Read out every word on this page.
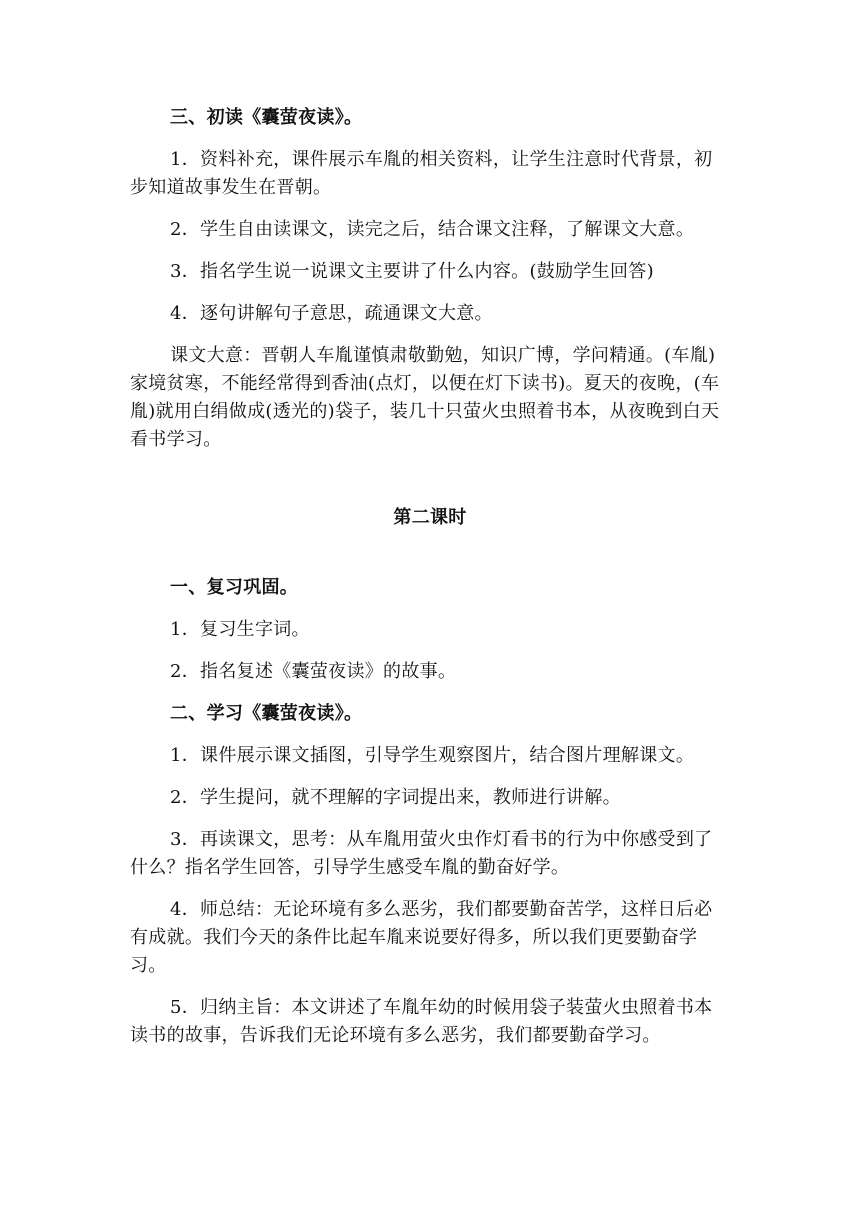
三、初读《囊萤夜读》。
1．资料补充，课件展示车胤的相关资料，让学生注意时代背景，初步知道故事发生在晋朝。
2．学生自由读课文，读完之后，结合课文注释，了解课文大意。
3．指名学生说一说课文主要讲了什么内容。(鼓励学生回答)
4．逐句讲解句子意思，疏通课文大意。
课文大意：晋朝人车胤谨慎肃敬勤勉，知识广博，学问精通。(车胤)家境贫寒，不能经常得到香油(点灯，以便在灯下读书)。夏天的夜晚，(车胤)就用白绢做成(透光的)袋子，装几十只萤火虫照着书本，从夜晚到白天看书学习。
第二课时
一、复习巩固。
1．复习生字词。
2．指名复述《囊萤夜读》的故事。
二、学习《囊萤夜读》。
1．课件展示课文插图，引导学生观察图片，结合图片理解课文。
2．学生提问，就不理解的字词提出来，教师进行讲解。
3．再读课文，思考：从车胤用萤火虫作灯看书的行为中你感受到了什么？指名学生回答，引导学生感受车胤的勤奋好学。
4．师总结：无论环境有多么恶劣，我们都要勤奋苦学，这样日后必有成就。我们今天的条件比起车胤来说要好得多，所以我们更要勤奋学习。
5．归纳主旨：本文讲述了车胤年幼的时候用袋子装萤火虫照着书本读书的故事，告诉我们无论环境有多么恶劣，我们都要勤奋学习。
